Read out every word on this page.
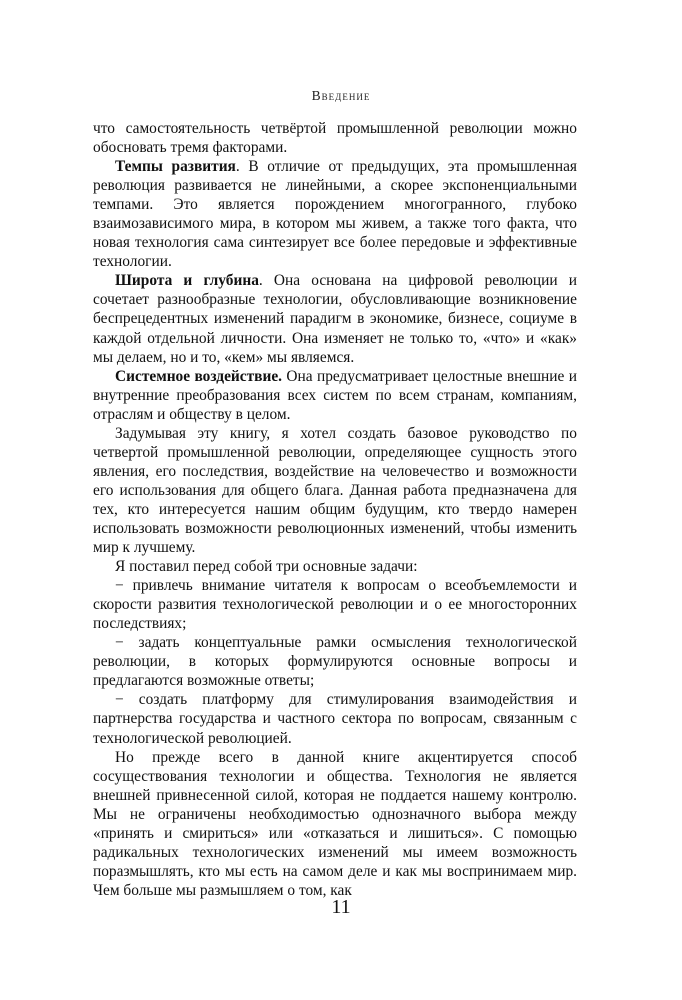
Введение

что самостоятельность четвёртой промышленной революции можно обосновать тремя факторами.

Темпы развития. В отличие от предыдущих, эта промышленная революция развивается не линейными, а скорее экспоненциальными темпами. Это является порождением многогранного, глубоко взаимозависимого мира, в котором мы живем, а также того факта, что новая технология сама синтезирует все более передовые и эффективные технологии.

Широта и глубина. Она основана на цифровой революции и сочетает разнообразные технологии, обусловливающие возникновение беспрецедентных изменений парадигм в экономике, бизнесе, социуме в каждой отдельной личности. Она изменяет не только то, «что» и «как» мы делаем, но и то, «кем» мы являемся.

Системное воздействие. Она предусматривает целостные внешние и внутренние преобразования всех систем по всем странам, компаниям, отраслям и обществу в целом.

Задумывая эту книгу, я хотел создать базовое руководство по четвертой промышленной революции, определяющее сущность этого явления, его последствия, воздействие на человечество и возможности его использования для общего блага. Данная работа предназначена для тех, кто интересуется нашим общим будущим, кто твердо намерен использовать возможности революционных изменений, чтобы изменить мир к лучшему.

Я поставил перед собой три основные задачи:

− привлечь внимание читателя к вопросам о всеобъемлемости и скорости развития технологической революции и о ее многосторонних последствиях;

− задать концептуальные рамки осмысления технологической революции, в которых формулируются основные вопросы и предлагаются возможные ответы;

− создать платформу для стимулирования взаимодействия и партнерства государства и частного сектора по вопросам, связанным с технологической революцией.

Но прежде всего в данной книге акцентируется способ сосуществования технологии и общества. Технология не является внешней привнесенной силой, которая не поддается нашему контролю. Мы не ограничены необходимостью однозначного выбора между «принять и смириться» или «отказаться и лишиться». С помощью радикальных технологических изменений мы имеем возможность поразмышлять, кто мы есть на самом деле и как мы воспринимаем мир. Чем больше мы размышляем о том, как

11
